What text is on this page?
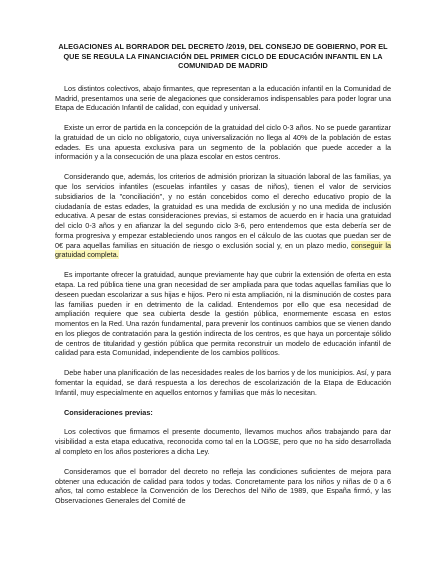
ALEGACIONES AL BORRADOR DEL DECRETO /2019, DEL CONSEJO DE GOBIERNO, POR EL QUE SE REGULA LA FINANCIACIÓN DEL PRIMER CICLO DE EDUCACIÓN INFANTIL EN LA COMUNIDAD DE MADRID

Los distintos colectivos, abajo firmantes, que representan a la educación infantil en la Comunidad de Madrid, presentamos una serie de alegaciones que consideramos indispensables para poder lograr una Etapa de Educación Infantil de calidad, con equidad y universal.

Existe un error de partida en la concepción de la gratuidad del ciclo 0-3 años. No se puede garantizar la gratuidad de un ciclo no obligatorio, cuya universalización no llega al 40% de la población de estas edades. Es una apuesta exclusiva para un segmento de la población que puede acceder a la información y a la consecución de una plaza escolar en estos centros.

Considerando que, además, los criterios de admisión priorizan la situación laboral de las familias, ya que los servicios infantiles (escuelas infantiles y casas de niños), tienen el valor de servicios subsidiarios de la "conciliación", y no están concebidos como el derecho educativo propio de la ciudadanía de estas edades, la gratuidad es una medida de exclusión y no una medida de inclusión educativa. A pesar de estas consideraciones previas, si estamos de acuerdo en ir hacia una gratuidad del ciclo 0-3 años y en afianzar la del segundo ciclo 3-6, pero entendemos que esta debería ser de forma progresiva y empezar estableciendo unos rangos en el cálculo de las cuotas que puedan ser de 0€ para aquellas familias en situación de riesgo o exclusión social y, en un plazo medio, conseguir la gratuidad completa.

Es importante ofrecer la gratuidad, aunque previamente hay que cubrir la extensión de oferta en esta etapa. La red pública tiene una gran necesidad de ser ampliada para que todas aquellas familias que lo deseen puedan escolarizar a sus hijas e hijos. Pero ni esta ampliación, ni la disminución de costes para las familias pueden ir en detrimento de la calidad. Entendemos por ello que esa necesidad de ampliación requiere que sea cubierta desde la gestión pública, enormemente escasa en estos momentos en la Red. Una razón fundamental, para prevenir los continuos cambios que se vienen dando en los pliegos de contratación para la gestión indirecta de los centros, es que haya un porcentaje sólido de centros de titularidad y gestión pública que permita reconstruir un modelo de educación infantil de calidad para esta Comunidad, independiente de los cambios políticos.

Debe haber una planificación de las necesidades reales de los barrios y de los municipios. Así, y para fomentar la equidad, se dará respuesta a los derechos de escolarización de la Etapa de Educación Infantil, muy especialmente en aquellos entornos y familias que más lo necesitan.

Consideraciones previas:

Los colectivos que firmamos el presente documento, llevamos muchos años trabajando para dar visibilidad a esta etapa educativa, reconocida como tal en la LOGSE, pero que no ha sido desarrollada al completo en los años posteriores a dicha Ley.

Consideramos que el borrador del decreto no refleja las condiciones suficientes de mejora para obtener una educación de calidad para todos y todas. Concretamente para los niños y niñas de 0 a 6 años, tal como establece la Convención de los Derechos del Niño de 1989, que España firmó, y las Observaciones Generales del Comité de
